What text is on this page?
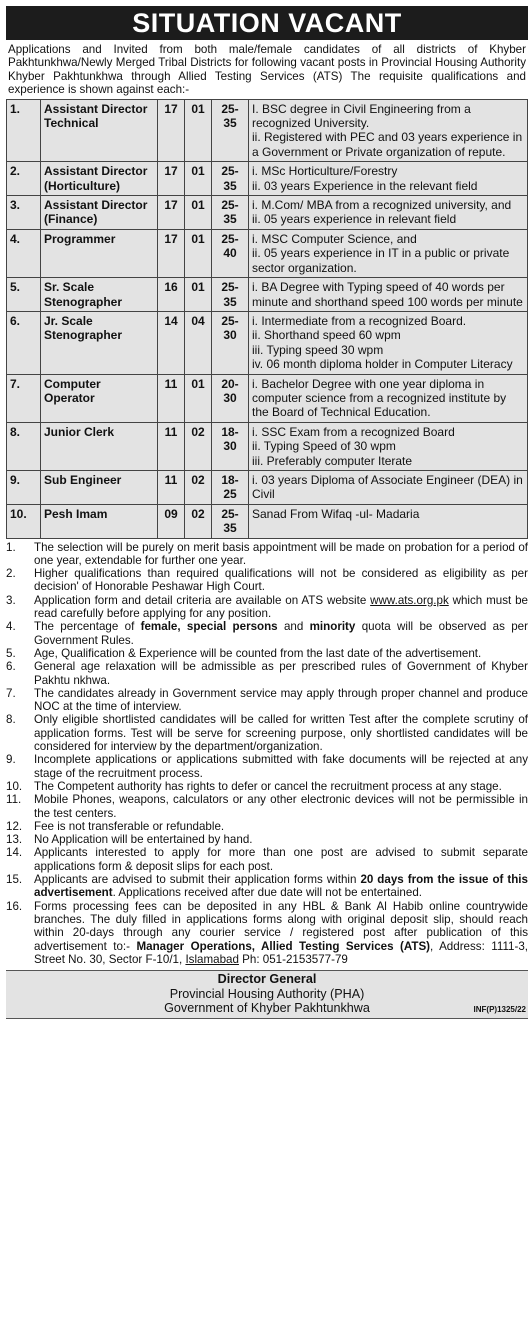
SITUATION VACANT

Applications and Invited from both male/female candidates of all districts of Khyber Pakhtunkhwa/Newly Merged Tribal Districts for following vacant posts in Provincial Housing Authority Khyber Pakhtunkhwa through Allied Testing Services (ATS) The requisite qualifications and experience is shown against each:-

1.	Assistant Director Technical	17	01	25-35	I. BSC degree in Civil Engineering from a recognized University.
ii. Registered with PEC and 03 years experience in a Government or Private organization of repute.

2.	Assistant Director (Horticulture)	17	01	25-35	i. MSc Horticulture/Forestry
ii. 03 years Experience in the relevant field

3.	Assistant Director (Finance)	17	01	25-35	i. M.Com/ MBA from a recognized university, and
ii. 05 years experience in relevant field

4.	Programmer	17	01	25-40	i. MSC Computer Science, and
ii. 05 years experience in IT in a public or private sector organization.

5.	Sr. Scale Stenographer	16	01	25-35	i. BA Degree with Typing speed of 40 words per minute and shorthand speed 100 words per minute

6.	Jr. Scale Stenographer	14	04	25-30	i. Intermediate from a recognized Board.
ii. Shorthand speed 60 wpm
iii. Typing speed 30 wpm
iv. 06 month diploma holder in Computer Literacy

7.	Computer Operator	11	01	20-30	i. Bachelor Degree with one year diploma in computer science from a recognized institute by the Board of Technical Education.

8.	Junior Clerk	11	02	18-30	i. SSC Exam from a recognized Board
ii. Typing Speed of 30 wpm
iii. Preferably computer Iterate

9.	Sub Engineer	11	02	18-25	i. 03 years Diploma of Associate Engineer (DEA) in Civil

10.	Pesh Imam	09	02	25-35	Sanad From Wifaq -ul- Madaria
1.	The selection will be purely on merit basis appointment will be made on probation for a period of one year, extendable for further one year.
2.	Higher qualifications than required qualifications will not be considered as eligibility as per decision' of Honorable Peshawar High Court.
3.	Application form and detail criteria are available on ATS website www.ats.org.pk which must be read carefully before applying for any position.
4.	The percentage of female, special persons and minority quota will be observed as per Government Rules.
5.	Age, Qualification & Experience will be counted from the last date of the advertisement.
6.	General age relaxation will be admissible as per prescribed rules of Government of Khyber Pakhtu nkhwa.
7.	The candidates already in Government service may apply through proper channel and produce NOC at the time of interview.
8.	Only eligible shortlisted candidates will be called for written Test after the complete scrutiny of application forms. Test will be serve for screening purpose, only shortlisted candidates will be considered for interview by the department/organization.
9.	Incomplete applications or applications submitted with fake documents will be rejected at any stage of the recruitment process.
10.	The Competent authority has rights to defer or cancel the recruitment process at any stage.
11.	Mobile Phones, weapons, calculators or any other electronic devices will not be permissible in the test centers.
12.	Fee is not transferable or refundable.
13.	No Application will be entertained by hand.
14.	Applicants interested to apply for more than one post are advised to submit separate applications form & deposit slips for each post.
15.	Applicants are advised to submit their application forms within 20 days from the issue of this advertisement. Applications received after due date will not be entertained.
16.	Forms processing fees can be deposited in any HBL & Bank Al Habib online countrywide branches. The duly filled in applications forms along with original deposit slip, should reach within 20-days through any courier service / registered post after publication of this advertisement to:- Manager Operations, Allied Testing Services (ATS), Address: 1111-3, Street No. 30, Sector F-10/1, Islamabad Ph: 051-2153577-79
Director General
Provincial Housing Authority (PHA)
Government of Khyber Pakhtunkhwa	INF(P)1325/22
